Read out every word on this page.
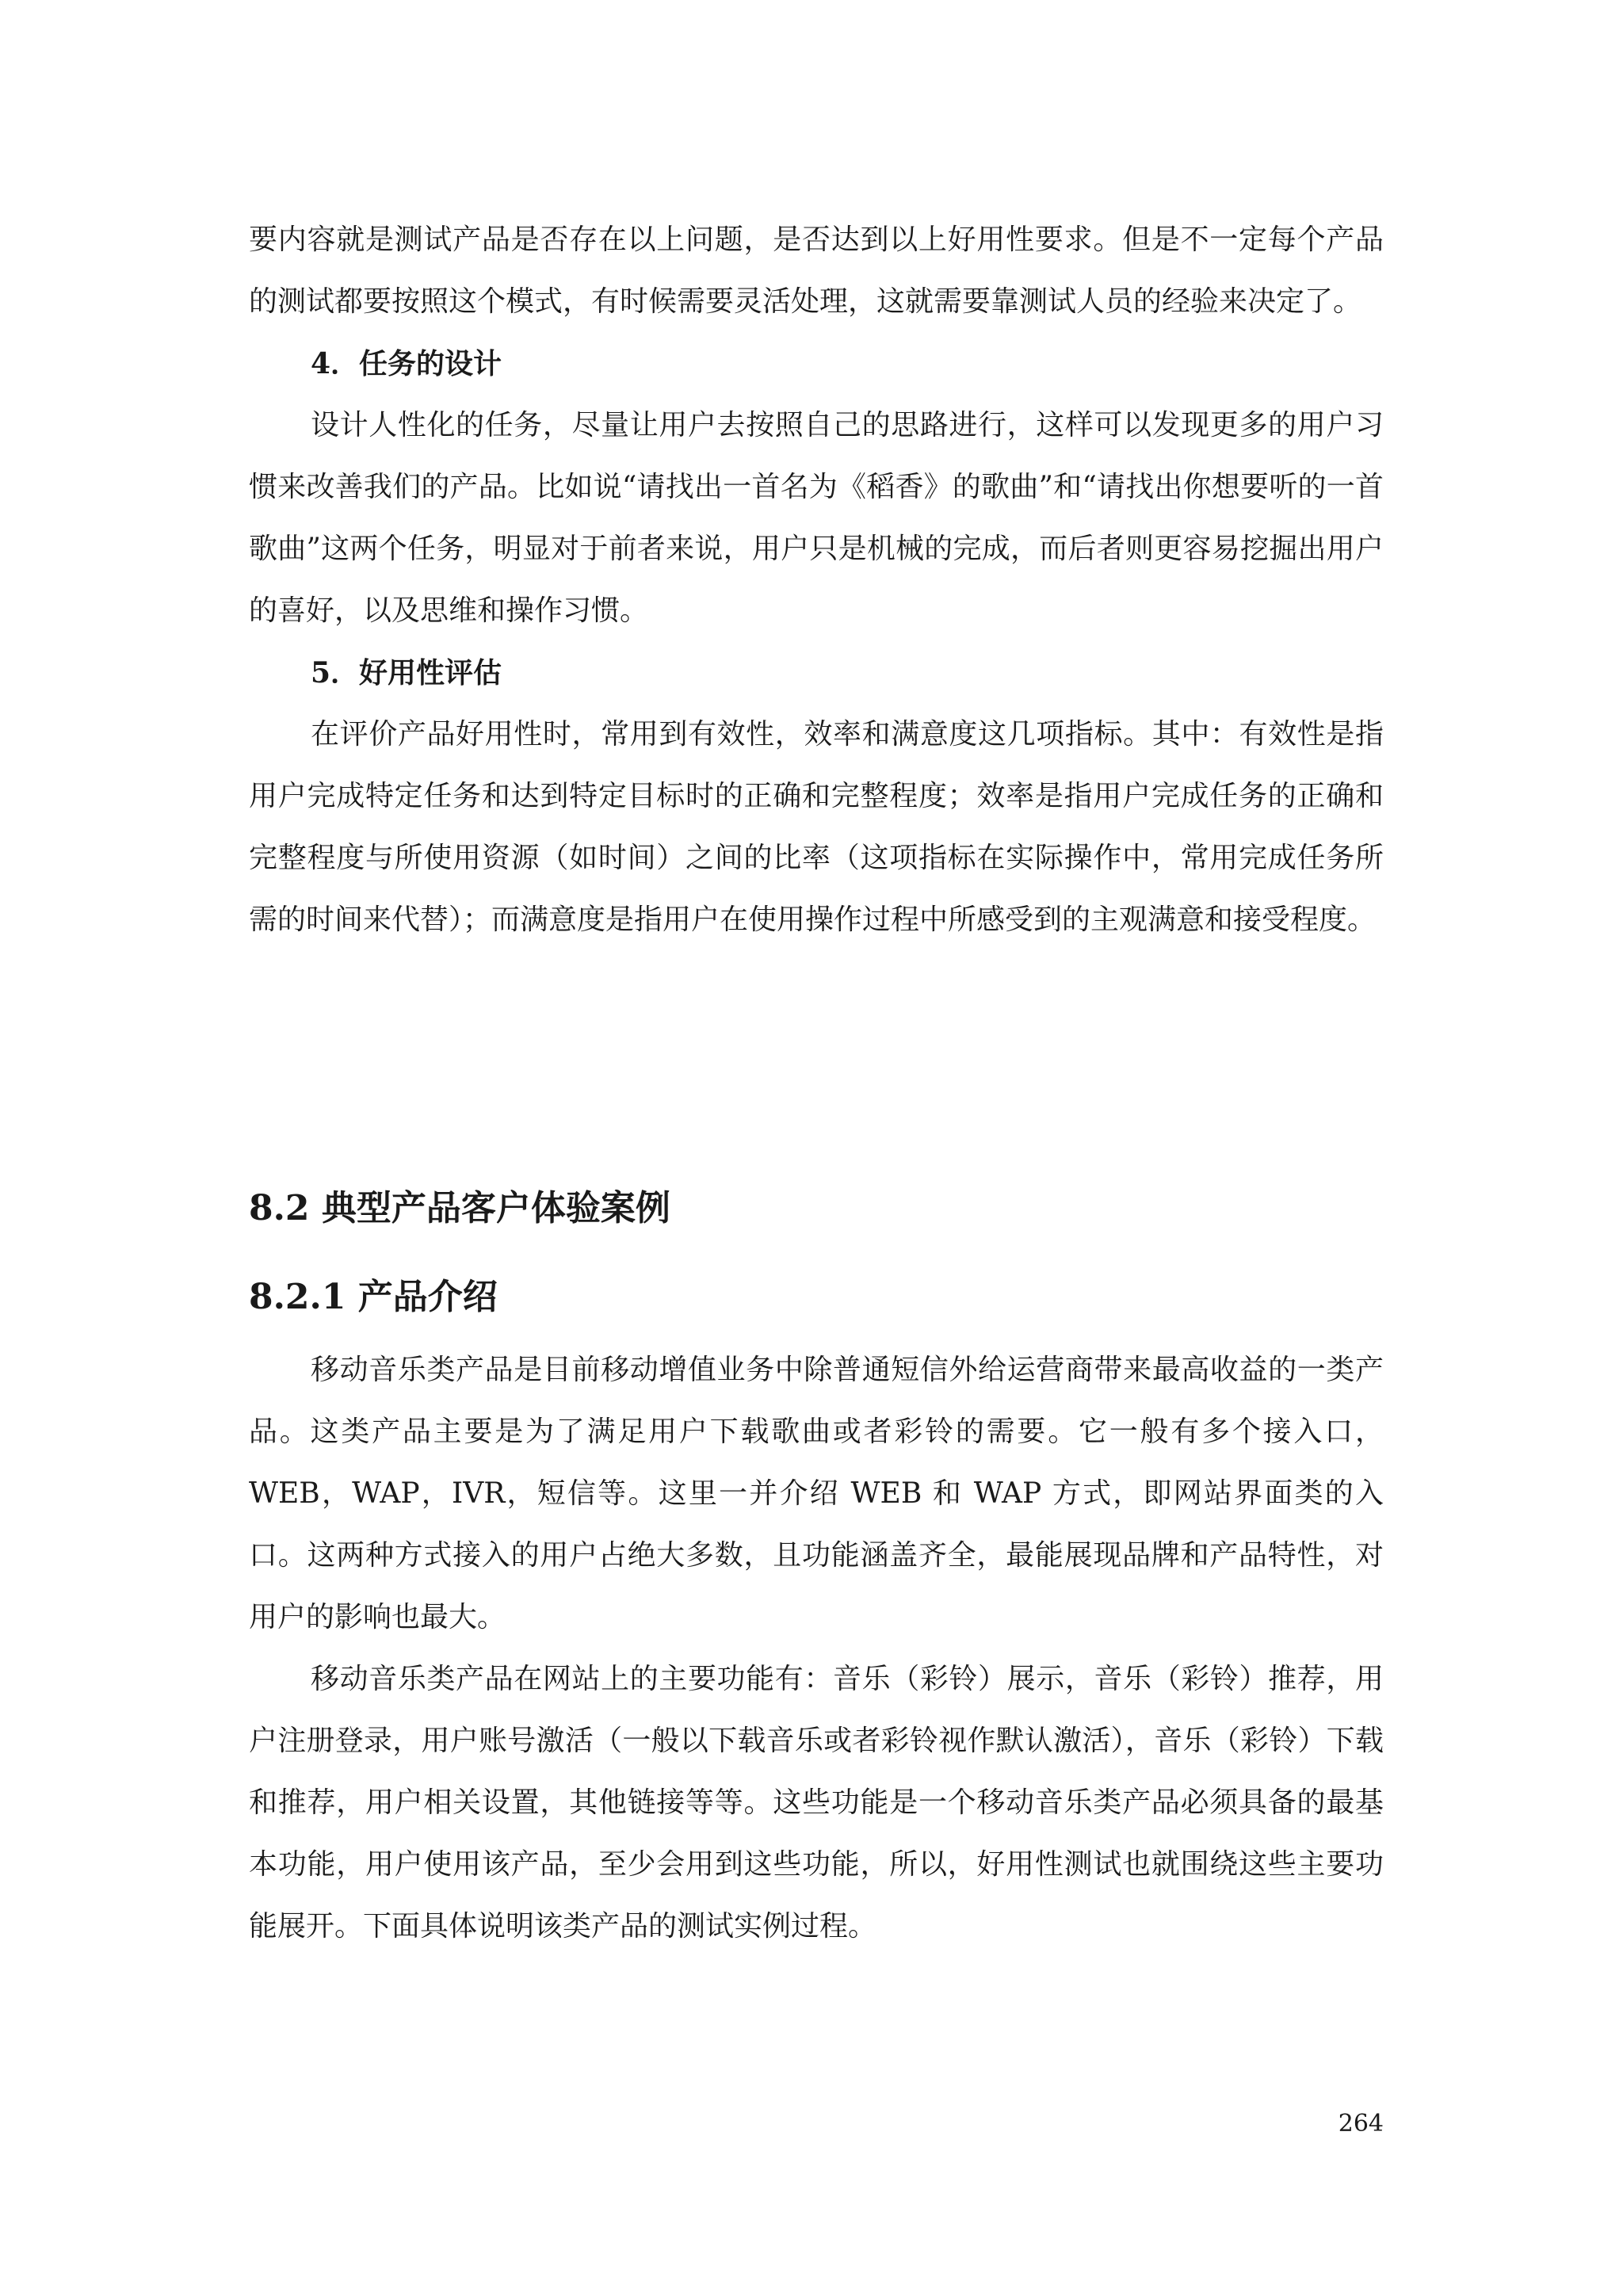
要内容就是测试产品是否存在以上问题，是否达到以上好用性要求。但是不一定每个产品的测试都要按照这个模式，有时候需要灵活处理，这就需要靠测试人员的经验来决定了。

4．任务的设计

设计人性化的任务，尽量让用户去按照自己的思路进行，这样可以发现更多的用户习惯来改善我们的产品。比如说“请找出一首名为《稻香》的歌曲”和“请找出你想要听的一首歌曲”这两个任务，明显对于前者来说，用户只是机械的完成，而后者则更容易挖掘出用户的喜好，以及思维和操作习惯。

5．好用性评估

在评价产品好用性时，常用到有效性，效率和满意度这几项指标。其中：有效性是指用户完成特定任务和达到特定目标时的正确和完整程度；效率是指用户完成任务的正确和完整程度与所使用资源（如时间）之间的比率（这项指标在实际操作中，常用完成任务所需的时间来代替）；而满意度是指用户在使用操作过程中所感受到的主观满意和接受程度。

8.2 典型产品客户体验案例
8.2.1 产品介绍

移动音乐类产品是目前移动增值业务中除普通短信外给运营商带来最高收益的一类产品。这类产品主要是为了满足用户下载歌曲或者彩铃的需要。它一般有多个接入口，WEB，WAP，IVR，短信等。这里一并介绍 WEB 和 WAP 方式，即网站界面类的入口。这两种方式接入的用户占绝大多数，且功能涵盖齐全，最能展现品牌和产品特性，对用户的影响也最大。

移动音乐类产品在网站上的主要功能有：音乐（彩铃）展示，音乐（彩铃）推荐，用户注册登录，用户账号激活（一般以下载音乐或者彩铃视作默认激活），音乐（彩铃）下载和推荐，用户相关设置，其他链接等等。这些功能是一个移动音乐类产品必须具备的最基本功能，用户使用该产品，至少会用到这些功能，所以，好用性测试也就围绕这些主要功能展开。下面具体说明该类产品的测试实例过程。

264
